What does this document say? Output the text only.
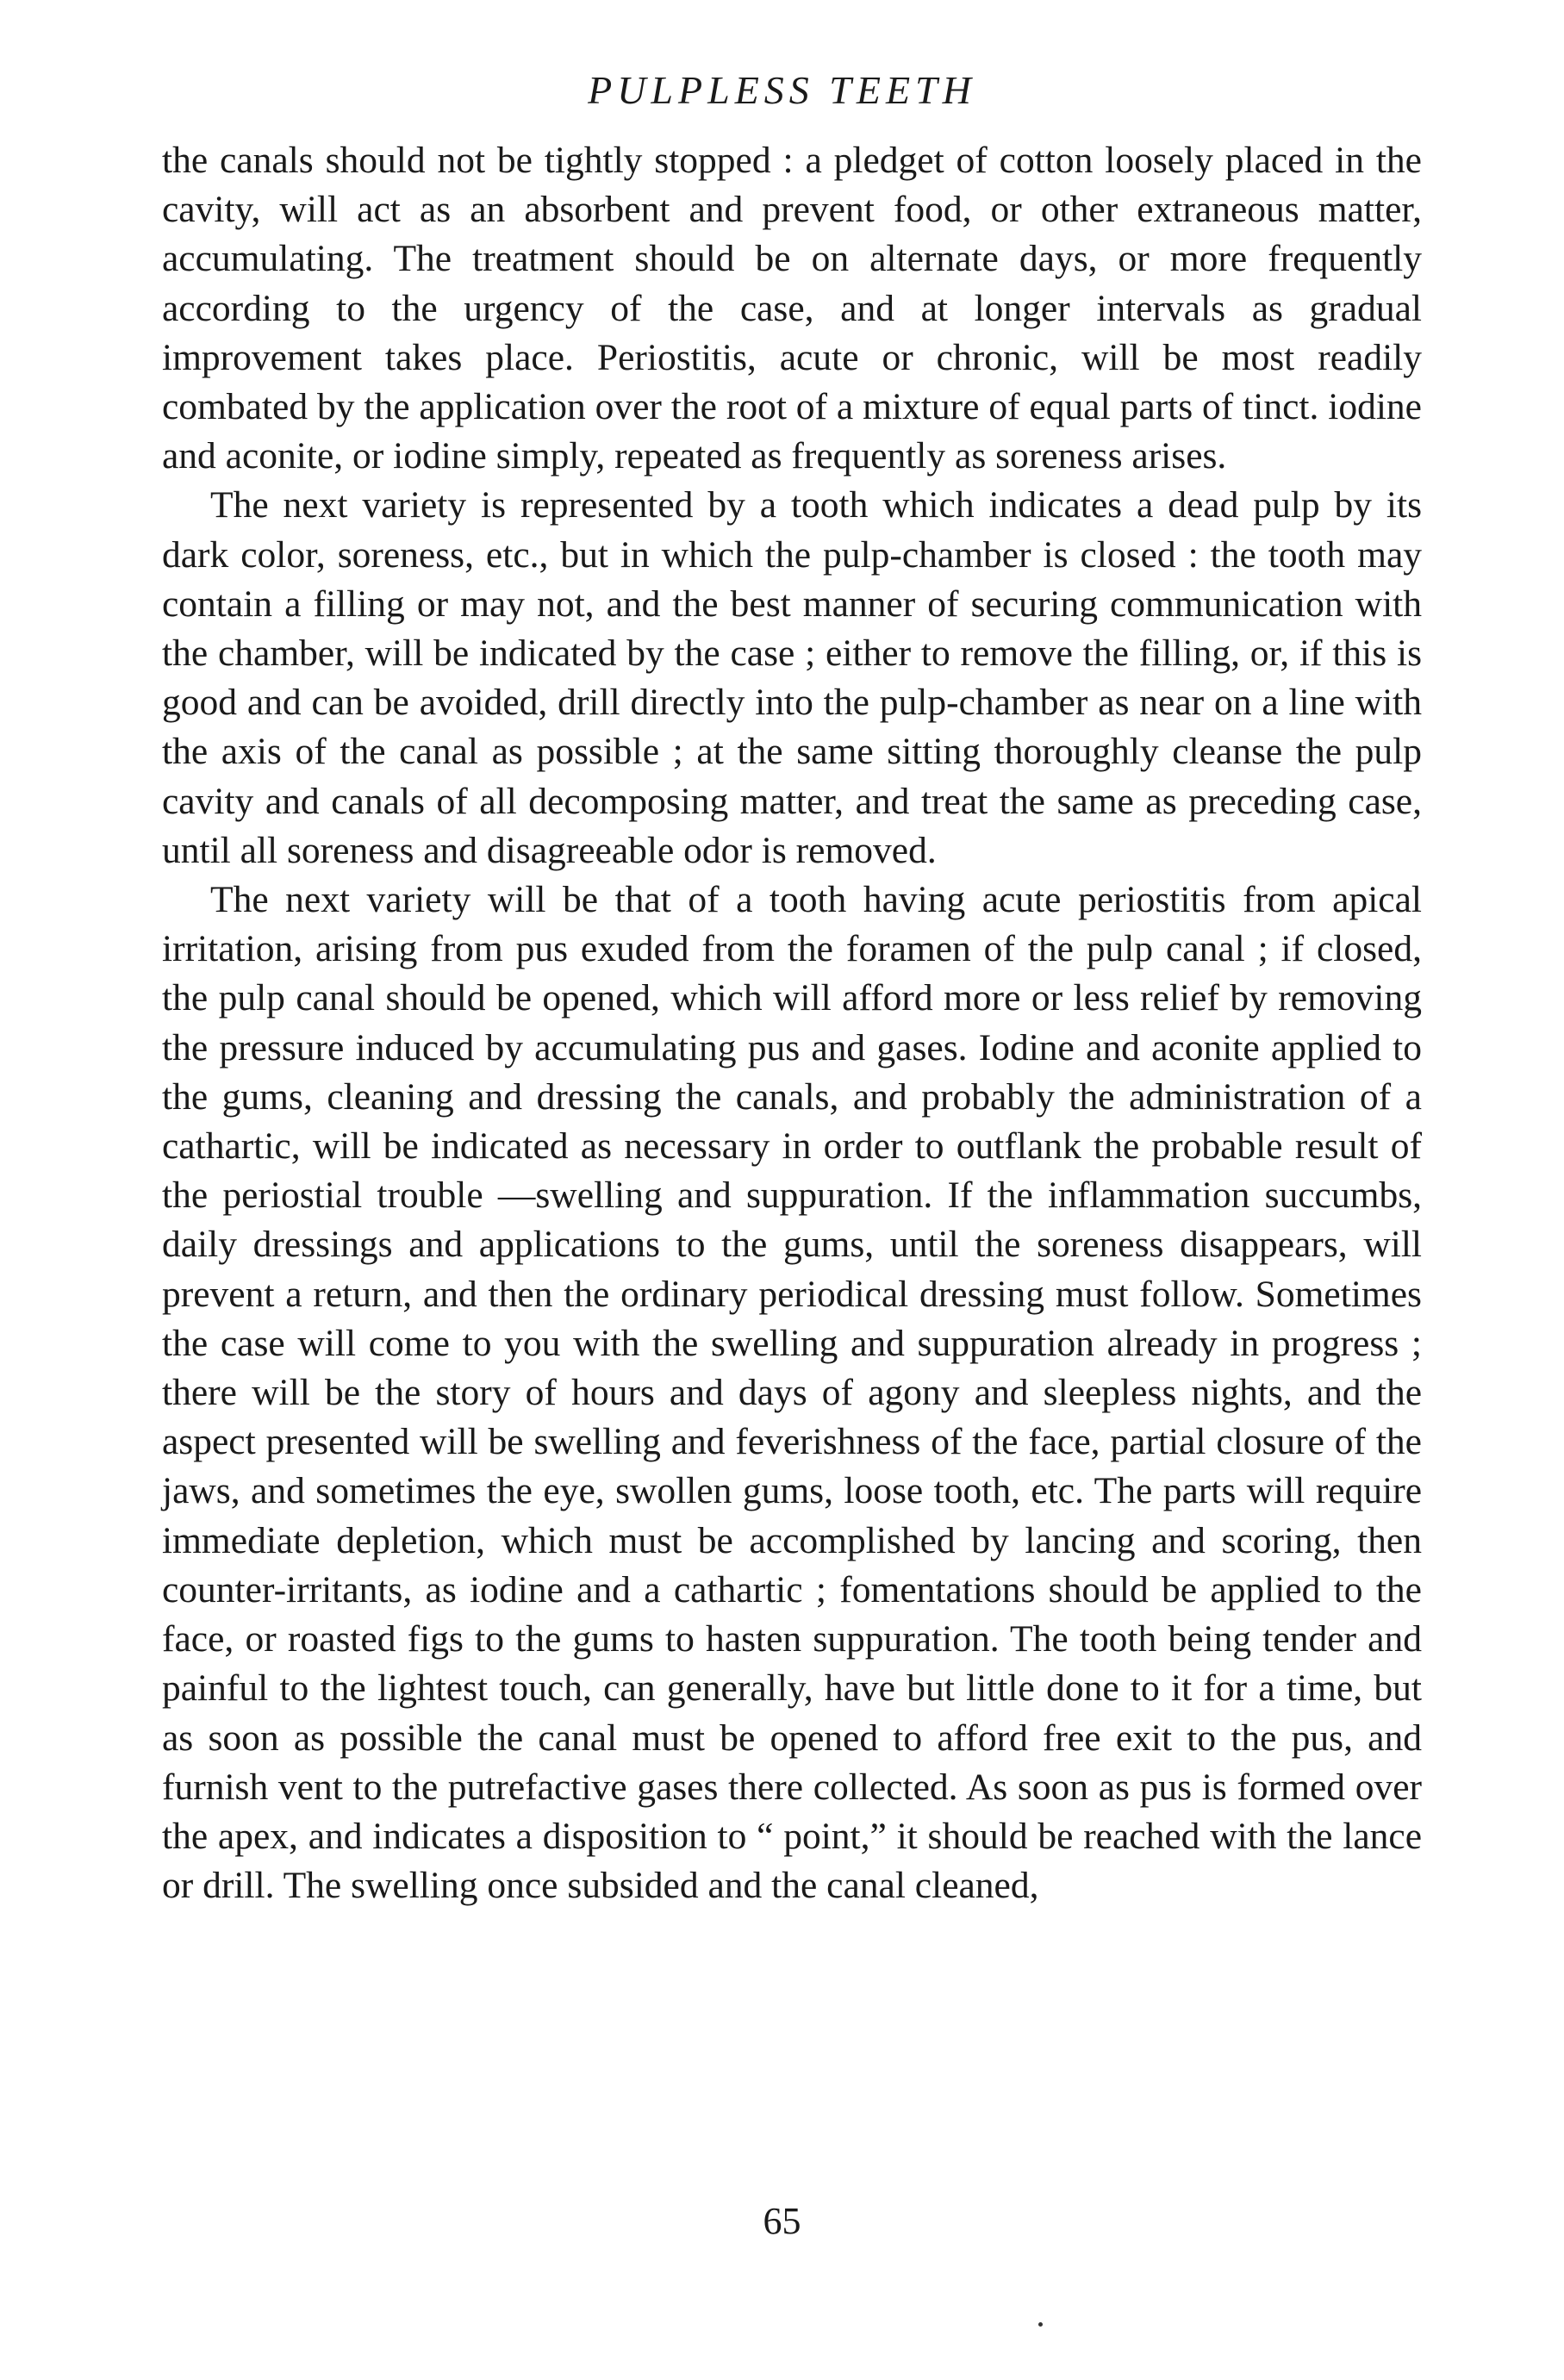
PULPLESS TEETH

the canals should not be tightly stopped : a pledget of cotton loosely placed in the cavity, will act as an absorbent and prevent food, or other extraneous matter, accumulating. The treatment should be on alternate days, or more frequently according to the urgency of the case, and at longer intervals as gradual improvement takes place. Periostitis, acute or chronic, will be most readily combated by the application over the root of a mixture of equal parts of tinct. iodine and aconite, or iodine simply, repeated as frequently as soreness arises.

The next variety is represented by a tooth which indicates a dead pulp by its dark color, soreness, etc., but in which the pulp-chamber is closed : the tooth may contain a filling or may not, and the best manner of securing communication with the chamber, will be indicated by the case ; either to remove the filling, or, if this is good and can be avoided, drill directly into the pulp-chamber as near on a line with the axis of the canal as possible ; at the same sitting thoroughly cleanse the pulp cavity and canals of all decomposing matter, and treat the same as preceding case, until all soreness and disagreeable odor is removed.

The next variety will be that of a tooth having acute periostitis from apical irritation, arising from pus exuded from the foramen of the pulp canal ; if closed, the pulp canal should be opened, which will afford more or less relief by removing the pressure induced by accumulating pus and gases. Iodine and aconite applied to the gums, cleaning and dressing the canals, and probably the administration of a cathartic, will be indicated as necessary in order to outflank the probable result of the periostial trouble —swelling and suppuration. If the inflammation succumbs, daily dressings and applications to the gums, until the soreness disappears, will prevent a return, and then the ordinary periodical dressing must follow. Sometimes the case will come to you with the swelling and suppuration already in progress ; there will be the story of hours and days of agony and sleepless nights, and the aspect presented will be swelling and feverishness of the face, partial closure of the jaws, and sometimes the eye, swollen gums, loose tooth, etc. The parts will require immediate depletion, which must be accomplished by lancing and scoring, then counter-irritants, as iodine and a cathartic ; fomentations should be applied to the face, or roasted figs to the gums to hasten suppuration. The tooth being tender and painful to the lightest touch, can generally, have but little done to it for a time, but as soon as possible the canal must be opened to afford free exit to the pus, and furnish vent to the putrefactive gases there collected. As soon as pus is formed over the apex, and indicates a disposition to “ point,” it should be reached with the lance or drill. The swelling once subsided and the canal cleaned,

65
